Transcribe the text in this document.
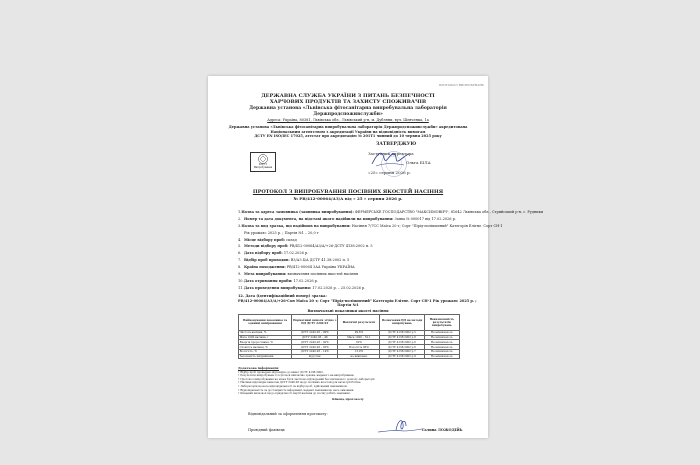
ПРОТОКОЛ ВИПРОБУВАНЬ
ДЕРЖАВНА СЛУЖБА УКРАЇНИ З ПИТАНЬ БЕЗПЕЧНОСТІ
ХАРЧОВИХ ПРОДУКТІВ ТА ЗАХИСТУ СПОЖИВАЧІВ
Державна установа «Львівська фітосанітарна випробувальна лабораторія
Держпродспоживслужби»
Адреса: Україна, 80381, Львівська обл., Львівський р-н, м. Дубляни, вул. Шевченка, 1а
Державна установа «Львівська фітосанітарна випробувальна лабораторія Держпродспоживслужби» акредитована
Національним агентством з акредитації України на відповідність вимогам
ДСТУ EN ISO/IEC 17025, атестат про акредитацію № 201Т1 чинний до 10 червня 2025 року
ЗАТВЕРДЖУЮ
Заступник директора
Ольга БІЛА
«25» серпня 2026 р.
201/Т1
Випробування
ПРОТОКОЛ З ВИПРОБУВАННЯ ПОСІВНИХ ЯКОСТЕЙ НАСІННЯ
№ РВ/412-00064/АЗ/А від « 25 » серпня 2026 р.
1. Назва та адреса замовника (заявника випробування):
ФЕРМЕРСЬКЕ ГОСПОДАРСТВО "МАКСИМОВИЧ", 81642 Львівська обл., Стрийський р-н, с. Рудники
2. Номер та дата документа, на підставі якого надійшли на випробування:
Заява № 000017 від 17.02.2026 р.
3. Назва та вид зразка, що надійшов на випробування:
Насіння 7/7СС Маїса 20 т; Сорт "Пірід-поліпшений" Категорія Елітне. Сорт СН-1
Рік урожаю: 2025 р. ; Партія №1 – 20,0 т
4. Місце відбору проб:
склад
5. Методи відбору проб:
РВ/412-00064/АЗ/А/+26-ДСТУ 4138:2002 п. 5
6. Дата відбору проб:
17.02.2026 р.
7. Відбір проб проводив:
ВЗ/АЗ 4/А ДСТУ 41.38:2002 п. 5
8. Країна походження:
РВ/412-00064 ЗАА Україна УКРАЇНА
9. Мета випробування:
визначення посівних якостей насіння
10. Дата отримання проби:
17.02.2026 р.
11. Дата проведення випробування:
17.02.2026 р. – 25.02.2026 р.
12. Дата (ідентифікаційний номер) зразка:
РВ/412-00064/АЗ/А/+26-Сон Маїса 20 т; Сорт "Пірід-поліпшений" Категорія Елітне. Сорт СН-1 Рік урожаю: 2025 р. ;
Партія №1
Визначальні показники якості насіння
Найменування показника та одиниці вимірювання	Нормативні вимоги згідно з НД ДСТУ 2240-93	Фактичні результати	Позначення НД на методи випробувань	Невизначеність результатів випробувань
Чистота насіння, %	ДСТУ 2240-93 – 99%	99,6%	ДСТУ 4138:2002 р.5	Не визначалось
Маса 1000 насінин, г	ДСТУ 2240-93 – 48	Маса 1000 – 52,1	ДСТУ 4138:2002 р.8	Не визначалось
Енергія проростання, %	ДСТУ 2240-93 – 92%	92%	ДСТУ 4138:2002 р.6	Не визначалось
Схожість насіння, %	ДСТУ 2240-93 – 95%	Вологість 96%	ДСТУ 4138:2002 р.6	Не визначалось
Вологість, %	ДСТУ 2240-93 – 14%	13,0%	ДСТУ 4138:2002 р.7	Не визначалось
Заселеність шкідниками	відсутня	не виявлено	ДСТУ 4138:2002 р.9	Не визначалось
Додаткова інформація:
• Відбір проб проведено відповідно до вимог ДСТУ 4138:2002.
• Результати випробувань стосуються виключно зразка, наданого на випробування.
• Протокол випробування не може бути частково відтворений без письмового дозволу лабораторії.
• Насіння відповідає вимогам ДСТУ 2240-93 щодо посівних якостей для категорії Елітне.
• Лабораторія не несе відповідальності за відбір проб, здійснений замовником.
• Відповідальність за достовірність інформації, наданої замовником, несе замовник.
• Кінцевий висновок щодо придатності партії насіння до посіву робить замовник.
Кінець протоколу
Відповідальний за оформлення протоколу:
Провідний фахівець	Галина ЛОЖОДІЙЬ
